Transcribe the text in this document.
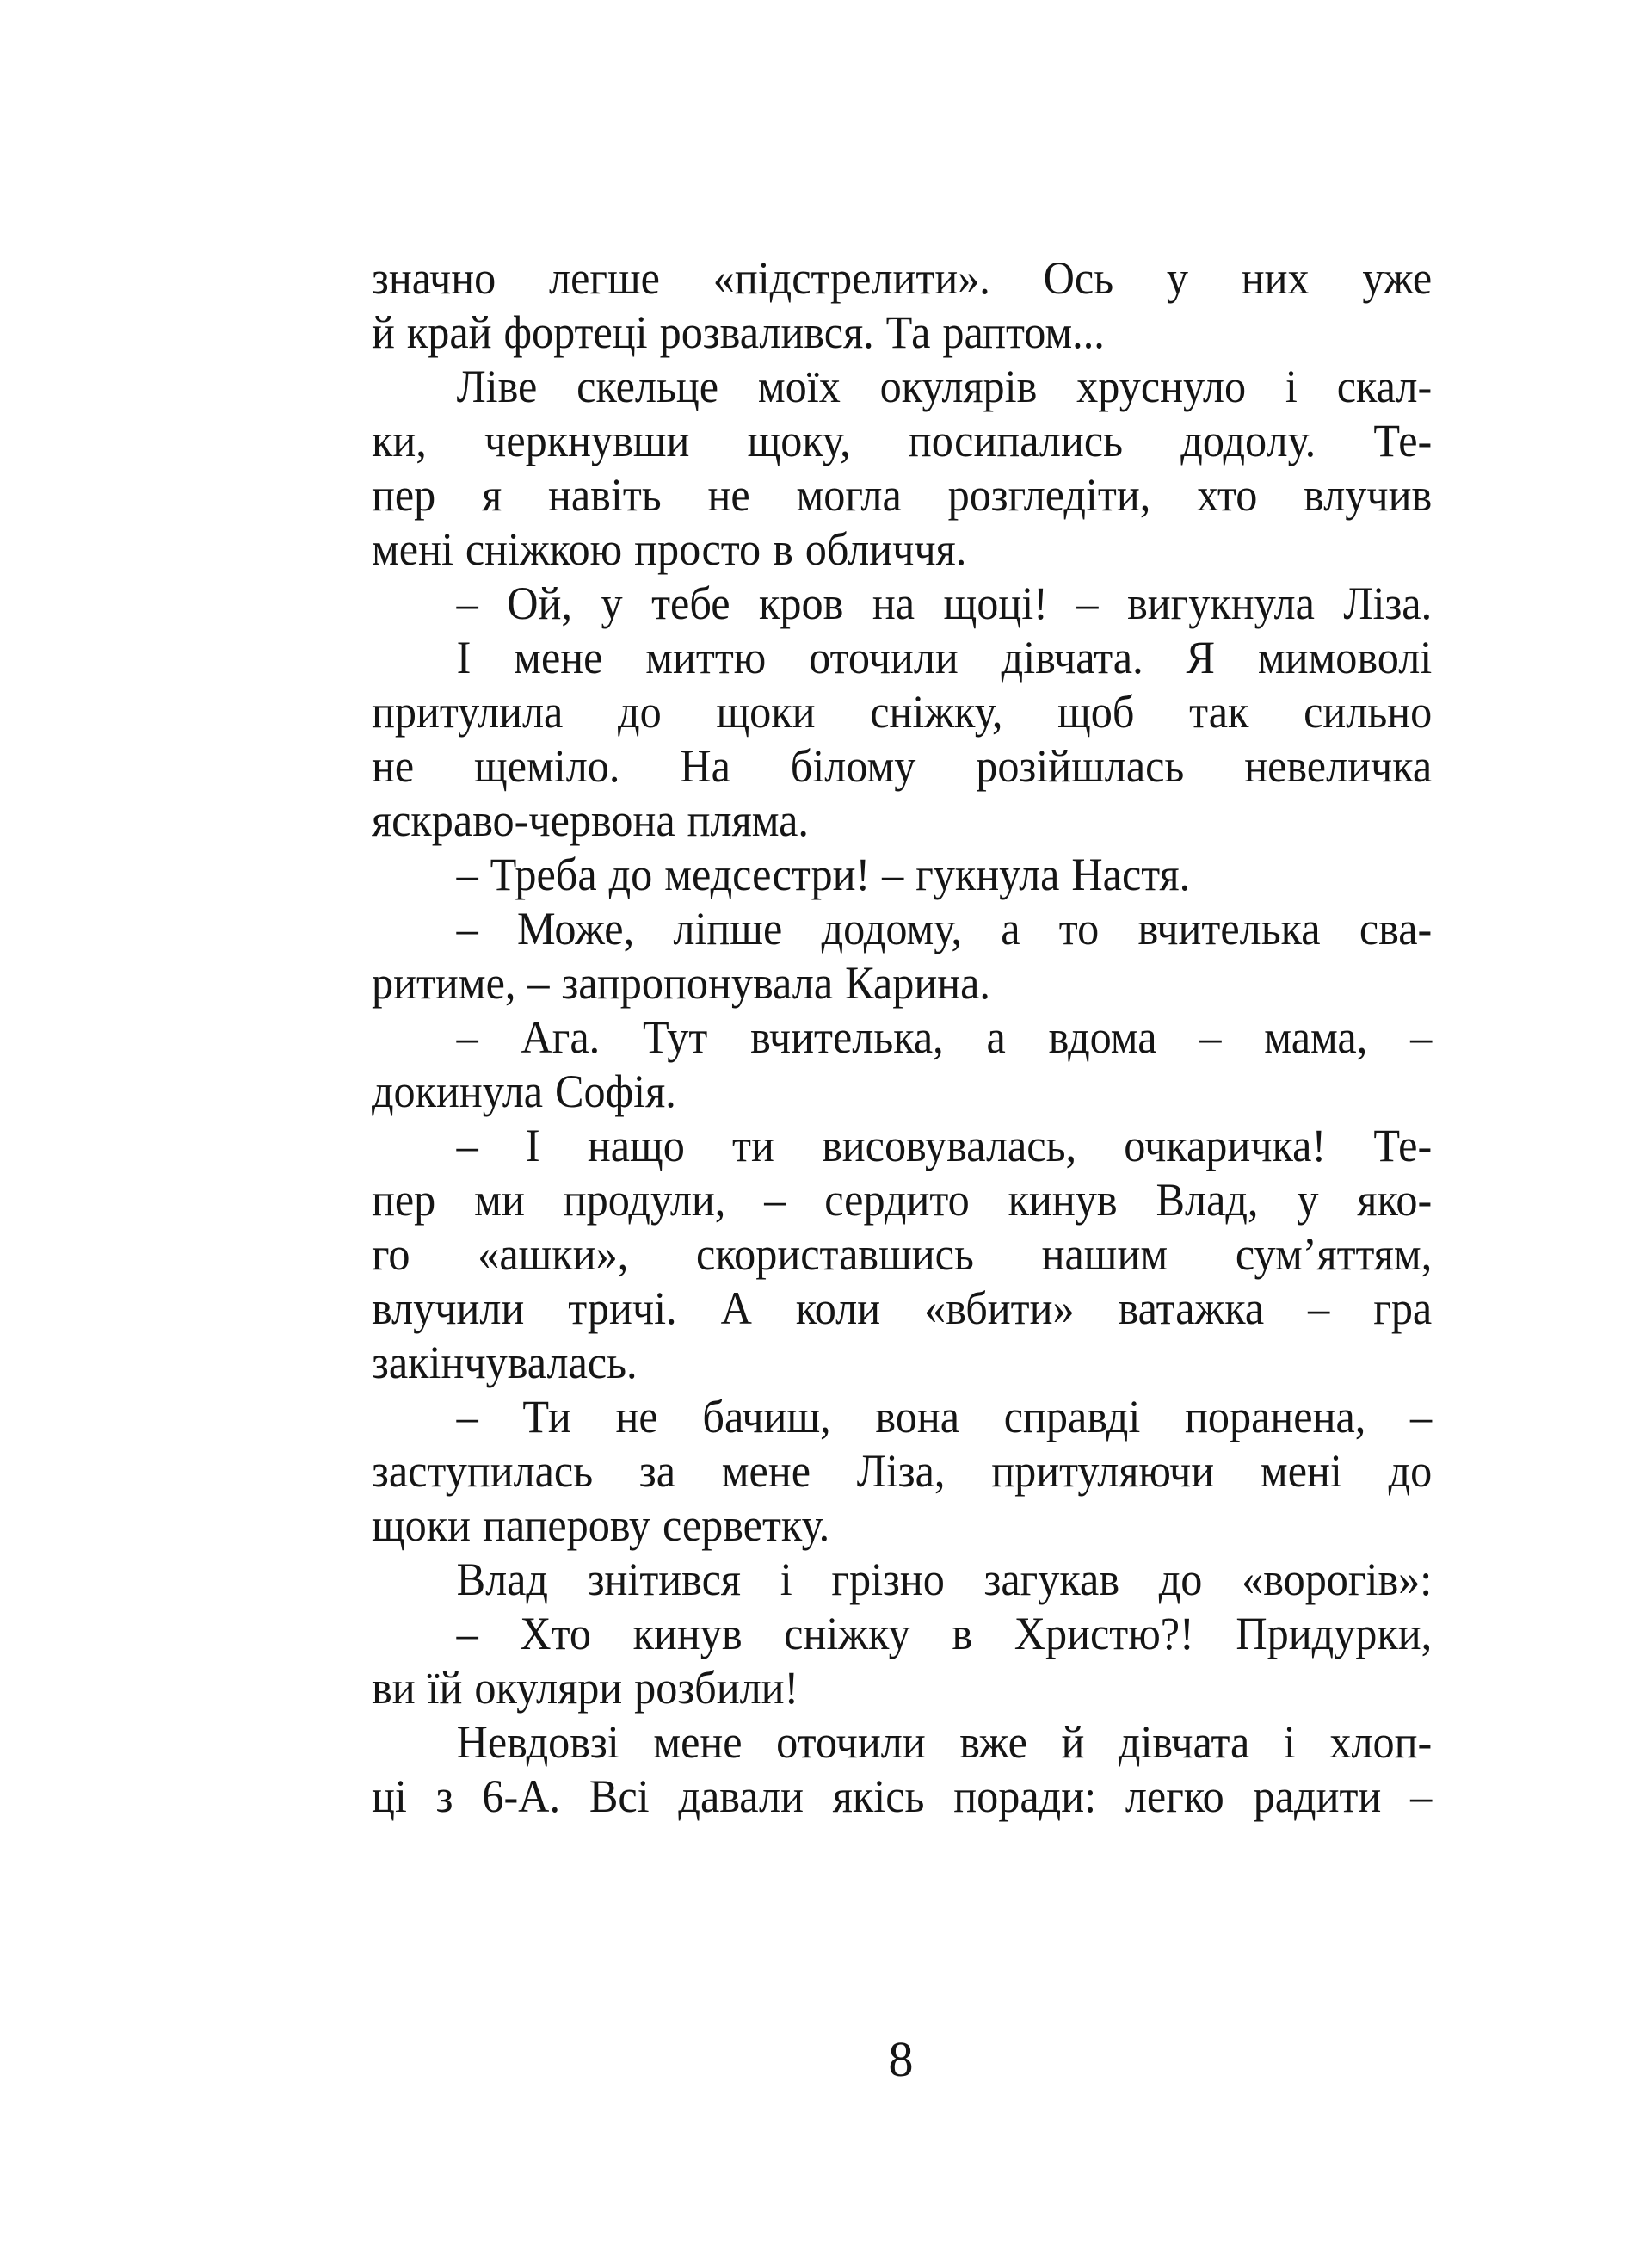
значно легше «підстрелити». Ось у них уже
й край фортеці розвалився. Та раптом...
Ліве скельце моїх окулярів хруснуло і скал-
ки, черкнувши щоку, посипались додолу. Те-
пер я навіть не могла розгледіти, хто влучив
мені сніжкою просто в обличчя.
– Ой, у тебе кров на щоці! – вигукнула Ліза.
І мене миттю оточили дівчата. Я мимоволі
притулила до щоки сніжку, щоб так сильно
не щеміло. На білому розійшлась невеличка
яскраво-червона пляма.
– Треба до медсестри! – гукнула Настя.
– Може, ліпше додому, а то вчителька сва-
ритиме, – запропонувала Карина.
– Ага. Тут вчителька, а вдома – мама, –
докинула Софія.
– І нащо ти висовувалась, очкаричка! Те-
пер ми продули, – сердито кинув Влад, у яко-
го «ашки», скориставшись нашим сум’яттям,
влучили тричі. А коли «вбити» ватажка – гра
закінчувалась.
– Ти не бачиш, вона справді поранена, –
заступилась за мене Ліза, притуляючи мені до
щоки паперову серветку.
Влад знітився і грізно загукав до «ворогів»:
– Хто кинув сніжку в Христю?! Придурки,
ви їй окуляри розбили!
Невдовзі мене оточили вже й дівчата і хлоп-
ці з 6-А. Всі давали якісь поради: легко радити –
8
